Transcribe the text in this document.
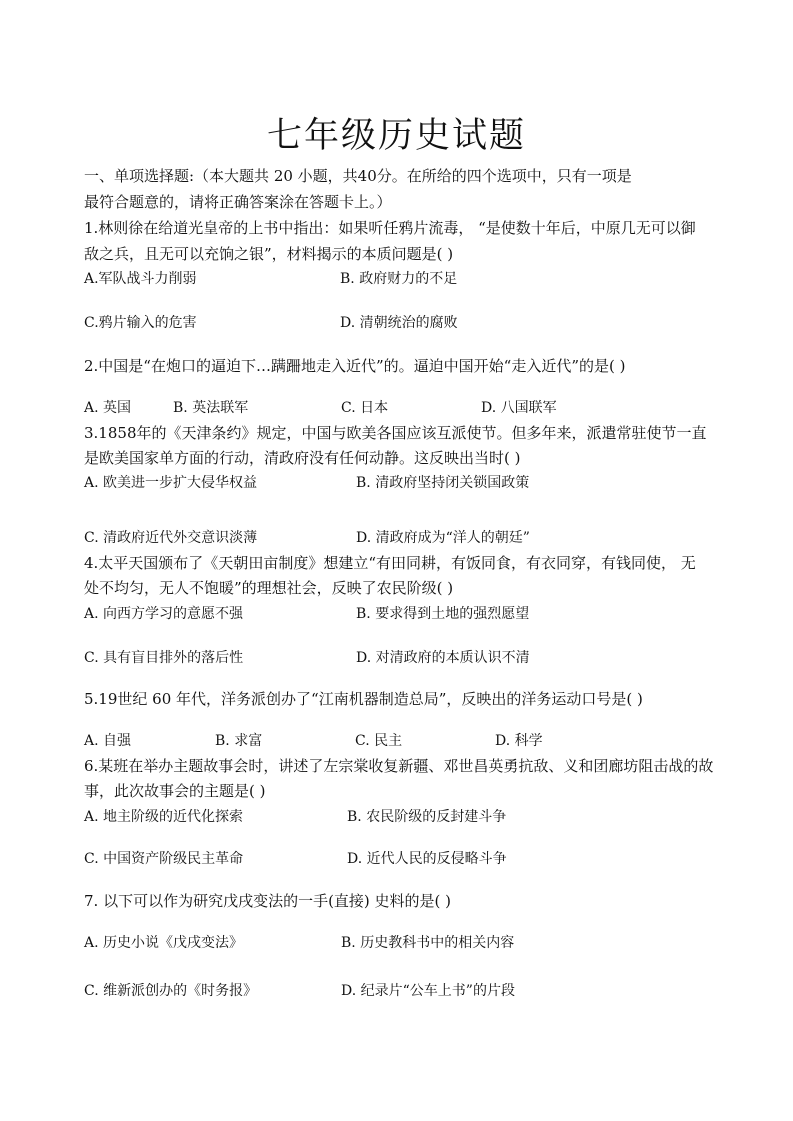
七年级历史试题
一、单项选择题:（本大题共 20 小题，共40分。在所给的四个选项中，只有一项是
最符合题意的，请将正确答案涂在答题卡上。）
1.林则徐在给道光皇帝的上书中指出：如果听任鸦片流毒， “是使数十年后，中原几无可以御
敌之兵，且无可以充饷之银”，材料揭示的本质问题是( )
A.军队战斗力削弱	B. 政府财力的不足
C.鸦片输入的危害	D. 清朝统治的腐败
2.中国是“在炮口的逼迫下…蹒跚地走入近代”的。逼迫中国开始“走入近代”的是( )
A. 英国	B. 英法联军	C. 日本	D. 八国联军
3.1858年的《天津条约》规定，中国与欧美各国应该互派使节。但多年来，派遣常驻使节一直
是欧美国家单方面的行动，清政府没有任何动静。这反映出当时( )
A. 欧美进一步扩大侵华权益	B. 清政府坚持闭关锁国政策
C. 清政府近代外交意识淡薄	D. 清政府成为“洋人的朝廷”
4.太平天国颁布了《天朝田亩制度》想建立“有田同耕，有饭同食，有衣同穿，有钱同使， 无
处不均匀，无人不饱暖”的理想社会，反映了农民阶级( )
A. 向西方学习的意愿不强	B. 要求得到土地的强烈愿望
C. 具有盲目排外的落后性	D. 对清政府的本质认识不清
5.19世纪 60 年代，洋务派创办了“江南机器制造总局”，反映出的洋务运动口号是( )
A. 自强	B. 求富	C. 民主	D. 科学
6.某班在举办主题故事会时，讲述了左宗棠收复新疆、邓世昌英勇抗敌、义和团廊坊阻击战的故
事，此次故事会的主题是( )
A. 地主阶级的近代化探索	B. 农民阶级的反封建斗争
C. 中国资产阶级民主革命	D. 近代人民的反侵略斗争
7. 以下可以作为研究戊戌变法的一手(直接) 史料的是( )
A. 历史小说《戊戌变法》	B. 历史教科书中的相关内容
C. 维新派创办的《时务报》	D. 纪录片“公车上书”的片段
